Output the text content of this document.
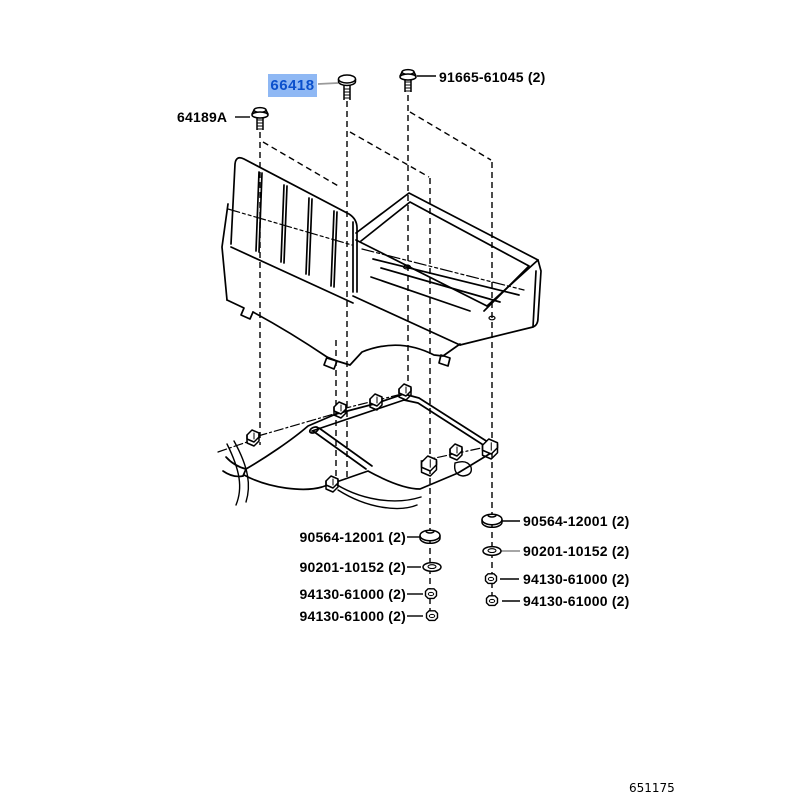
66418	91665-61045 (2)
64189A
90564-12001 (2)
90201-10152 (2)
94130-61000 (2)
94130-61000 (2)
90564-12001 (2)
90201-10152 (2)
94130-61000 (2)
94130-61000 (2)
651175
